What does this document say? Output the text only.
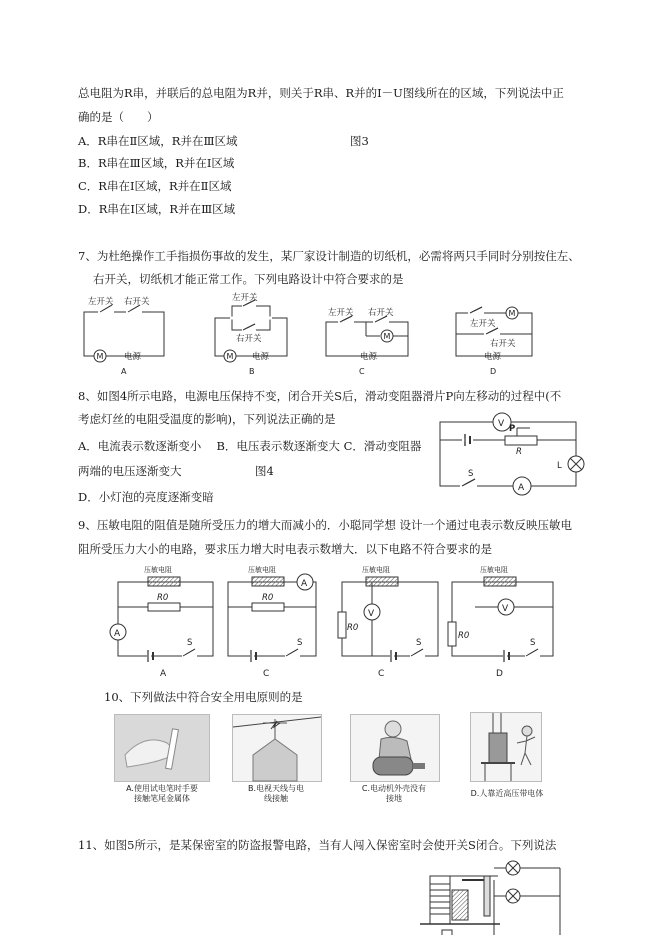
总电阻为R串，并联后的总电阻为R并，则关于R串、R并的I－U图线所在的区域，下列说法中正
确的是（　　）
A．R串在Ⅱ区域，R并在Ⅲ区域	图3
B．R串在Ⅲ区域，R并在Ⅰ区域
C．R串在Ⅰ区域，R并在Ⅱ区域
D．R串在Ⅰ区域，R并在Ⅲ区域
7、为杜绝操作工手指损伤事故的发生，某厂家设计制造的切纸机，必需将两只手同时分别按住左、
右开关，切纸机才能正常工作。下列电路设计中符合要求的是
M
左开关 右开关
电源
A
M
左开关
右开关
电源
B
M
左开关 右开关
电源
C
M
左开关
右开关
电源
D
8、如图4所示电路，电源电压保持不变，闭合开关S后，滑动变阻器滑片P向左移动的过程中(不
考虑灯丝的电阻受温度的影响)，下列说法正确的是
A．电流表示数逐渐变小　 B．电压表示数逐渐变大 C．滑动变阻器
两端的电压逐渐变大	图4
D．小灯泡的亮度逐渐变暗
V P
R
L
S
A
9、压敏电阻的阻值是随所受压力的增大而减小的．小聪同学想 设计一个通过电表示数反映压敏电
阻所受压力大小的电路，要求压力增大时电表示数增大．以下电路不符合要求的是
A
压敏电阻
R0
S
A
A
压敏电阻
R0
S
C
V
压敏电阻
R0
S
C
V
压敏电阻
R0
S
D
10、下列做法中符合安全用电原则的是
A.使用试电笔时手要
接触笔尾金属体
B.电视天线与电
线接触
C.电动机外壳没有
接地
D.人靠近高压带电体
11、如图5所示，是某保密室的防盗报警电路，当有人闯入保密室时会使开关S闭合。下列说法
